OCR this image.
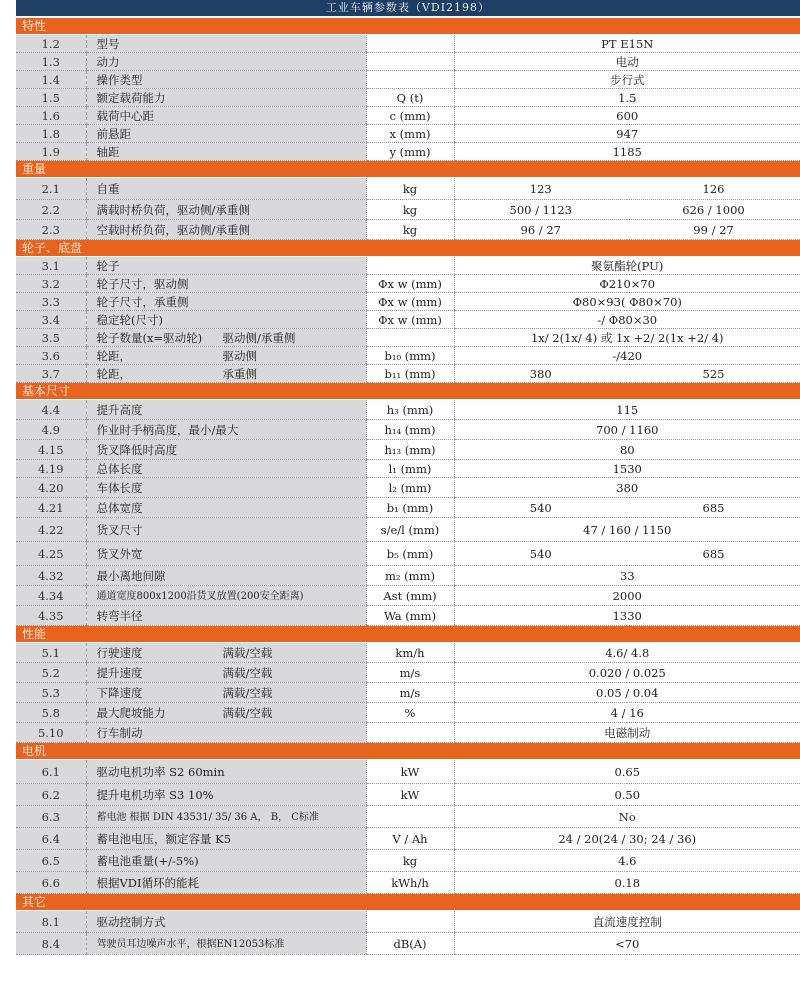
工业车辆参数表（VDI2198）
特性				
1.2	型号		PT E15N	
1.3	动力		电动	
1.4	操作类型		步行式	
1.5	额定载荷能力	Q (t)	1.5	
1.6	载荷中心距	c (mm)	600	
1.8	前悬距	x (mm)	947	
1.9	轴距	y (mm)	1185	
重量				
2.1	自重	kg	123	126
2.2	满载时桥负荷，驱动侧/承重侧	kg	500 / 1123	626 / 1000
2.3	空载时桥负荷，驱动侧/承重侧	kg	96 / 27	99 / 27
轮子、底盘				
3.1	轮子		聚氨酯轮(PU)	
3.2	轮子尺寸，驱动侧	Φx w (mm)	Φ210×70	
3.3	轮子尺寸，承重侧	Φx w (mm)	Φ80×93( Φ80×70)	
3.4	稳定轮(尺寸)	Φx w (mm)	-/ Φ80×30	
3.5	轮子数量(x=驱动轮) 驱动侧/承重侧		1x/ 2(1x/ 4) 或 1x +2/ 2(1x +2/ 4)	
3.6	轮距， 驱动侧	b₁₀ (mm)	-/420	
3.7	轮距， 承重侧	b₁₁ (mm)	380	525
基本尺寸				
4.4	提升高度	h₃ (mm)	115	
4.9	作业时手柄高度，最小/最大	h₁₄ (mm)	700 / 1160	
4.15	货叉降低时高度	h₁₃ (mm)	80	
4.19	总体长度	l₁ (mm)	1530	
4.20	车体长度	l₂ (mm)	380	
4.21	总体宽度	b₁ (mm)	540	685
4.22	货叉尺寸	s/e/l (mm)	47 / 160 / 1150	
4.25	货叉外宽	b₅ (mm)	540	685
4.32	最小离地间隙	m₂ (mm)	33	
4.34	通道宽度800x1200沿货叉放置(200安全距离)	Ast (mm)	2000	
4.35	转弯半径	Wa (mm)	1330	
性能				
5.1	行驶速度 满载/空载	km/h	4.6/ 4.8	
5.2	提升速度 满载/空载	m/s	0.020 / 0.025	
5.3	下降速度 满载/空载	m/s	0.05 / 0.04	
5.8	最大爬坡能力 满载/空载	%	4 / 16	
5.10	行车制动		电磁制动	
电机				
6.1	驱动电机功率 S2 60min	kW	0.65	
6.2	提升电机功率 S3 10%	kW	0.50	
6.3	蓄电池 根据 DIN 43531/ 35/ 36 A， B， C标准		No	
6.4	蓄电池电压，额定容量 K5	V / Ah	24 / 20(24 / 30; 24 / 36)	
6.5	蓄电池重量(+/-5%)	kg	4.6	
6.6	根据VDI循环的能耗	kWh/h	0.18	
其它				
8.1	驱动控制方式		直流速度控制	
8.4	驾驶员耳边噪声水平，根据EN12053标准	dB(A)	<70	
